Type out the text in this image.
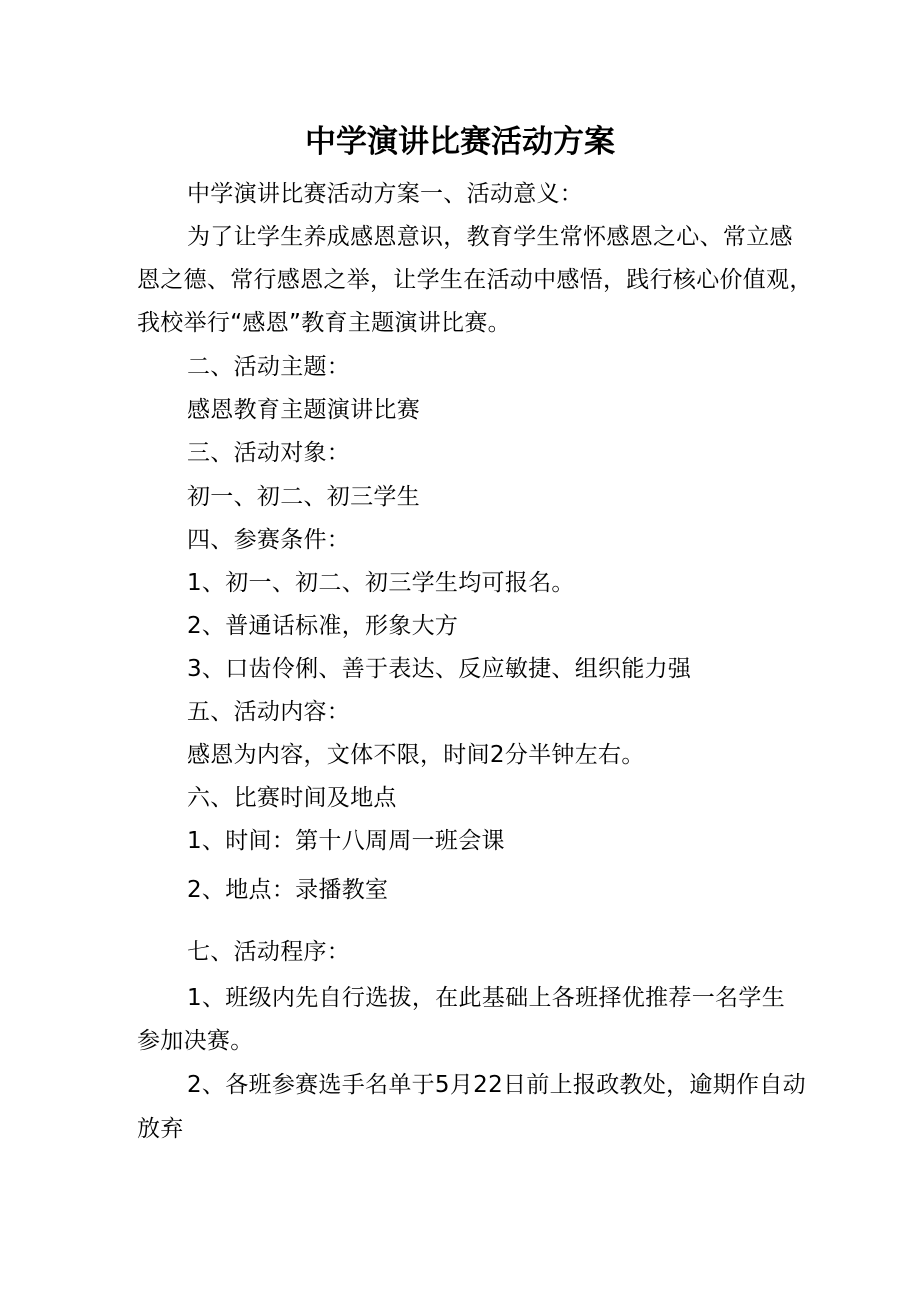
中学演讲比赛活动方案
中学演讲比赛活动方案一、活动意义：
为了让学生养成感恩意识，教育学生常怀感恩之心、常立感
恩之德、常行感恩之举，让学生在活动中感悟，践行核心价值观，
我校举行“感恩”教育主题演讲比赛。
二、活动主题：
感恩教育主题演讲比赛
三、活动对象：
初一、初二、初三学生
四、参赛条件：
1、初一、初二、初三学生均可报名。
2、普通话标准，形象大方
3、口齿伶俐、善于表达、反应敏捷、组织能力强
五、活动内容：
感恩为内容，文体不限，时间2分半钟左右。
六、比赛时间及地点
1、时间：第十八周周一班会课
2、地点：录播教室
七、活动程序：
1、班级内先自行选拔，在此基础上各班择优推荐一名学生
参加决赛。
2、各班参赛选手名单于5月22日前上报政教处，逾期作自动
放弃
